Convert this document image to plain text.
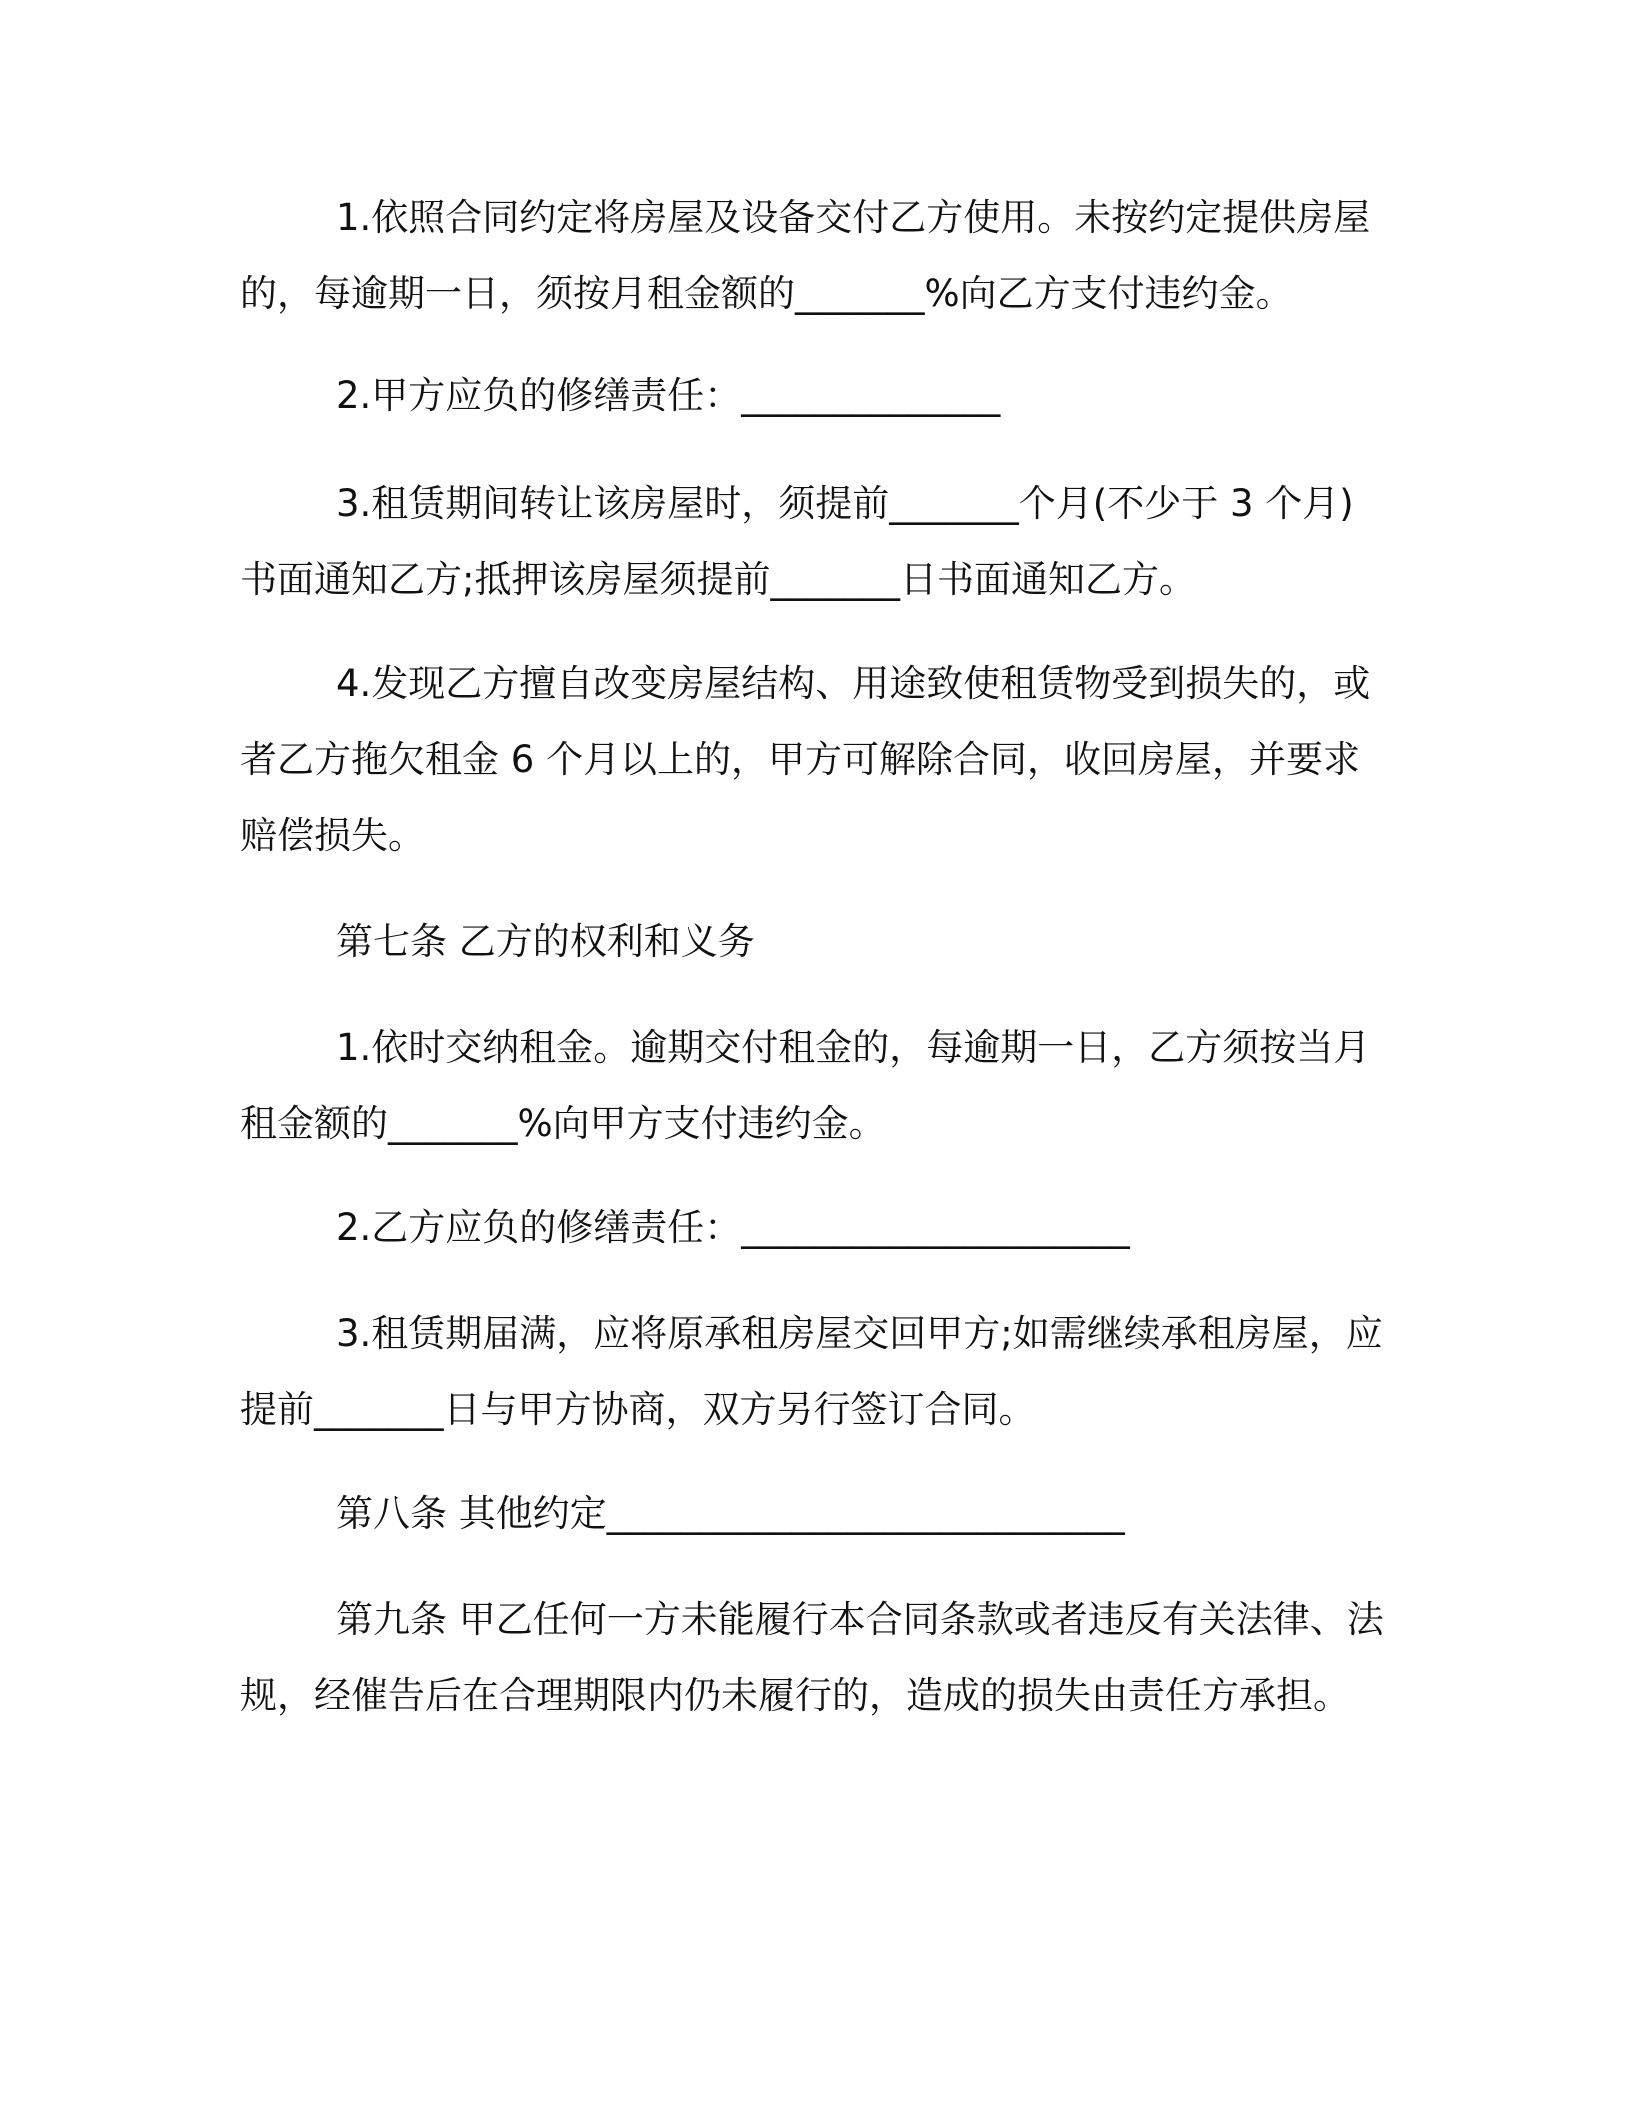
1.依照合同约定将房屋及设备交付乙方使用。未按约定提供房屋的，每逾期一日，须按月租金额的_______%向乙方支付违约金。

2.甲方应负的修缮责任：______________

3.租赁期间转让该房屋时，须提前_______个月(不少于 3 个月)书面通知乙方;抵押该房屋须提前_______日书面通知乙方。

4.发现乙方擅自改变房屋结构、用途致使租赁物受到损失的，或者乙方拖欠租金 6 个月以上的，甲方可解除合同，收回房屋，并要求赔偿损失。

第七条 乙方的权利和义务

1.依时交纳租金。逾期交付租金的，每逾期一日，乙方须按当月租金额的_______%向甲方支付违约金。

2.乙方应负的修缮责任：_____________________

3.租赁期届满，应将原承租房屋交回甲方;如需继续承租房屋，应提前_______日与甲方协商，双方另行签订合同。

第八条 其他约定____________________________

第九条 甲乙任何一方未能履行本合同条款或者违反有关法律、法规，经催告后在合理期限内仍未履行的，造成的损失由责任方承担。
